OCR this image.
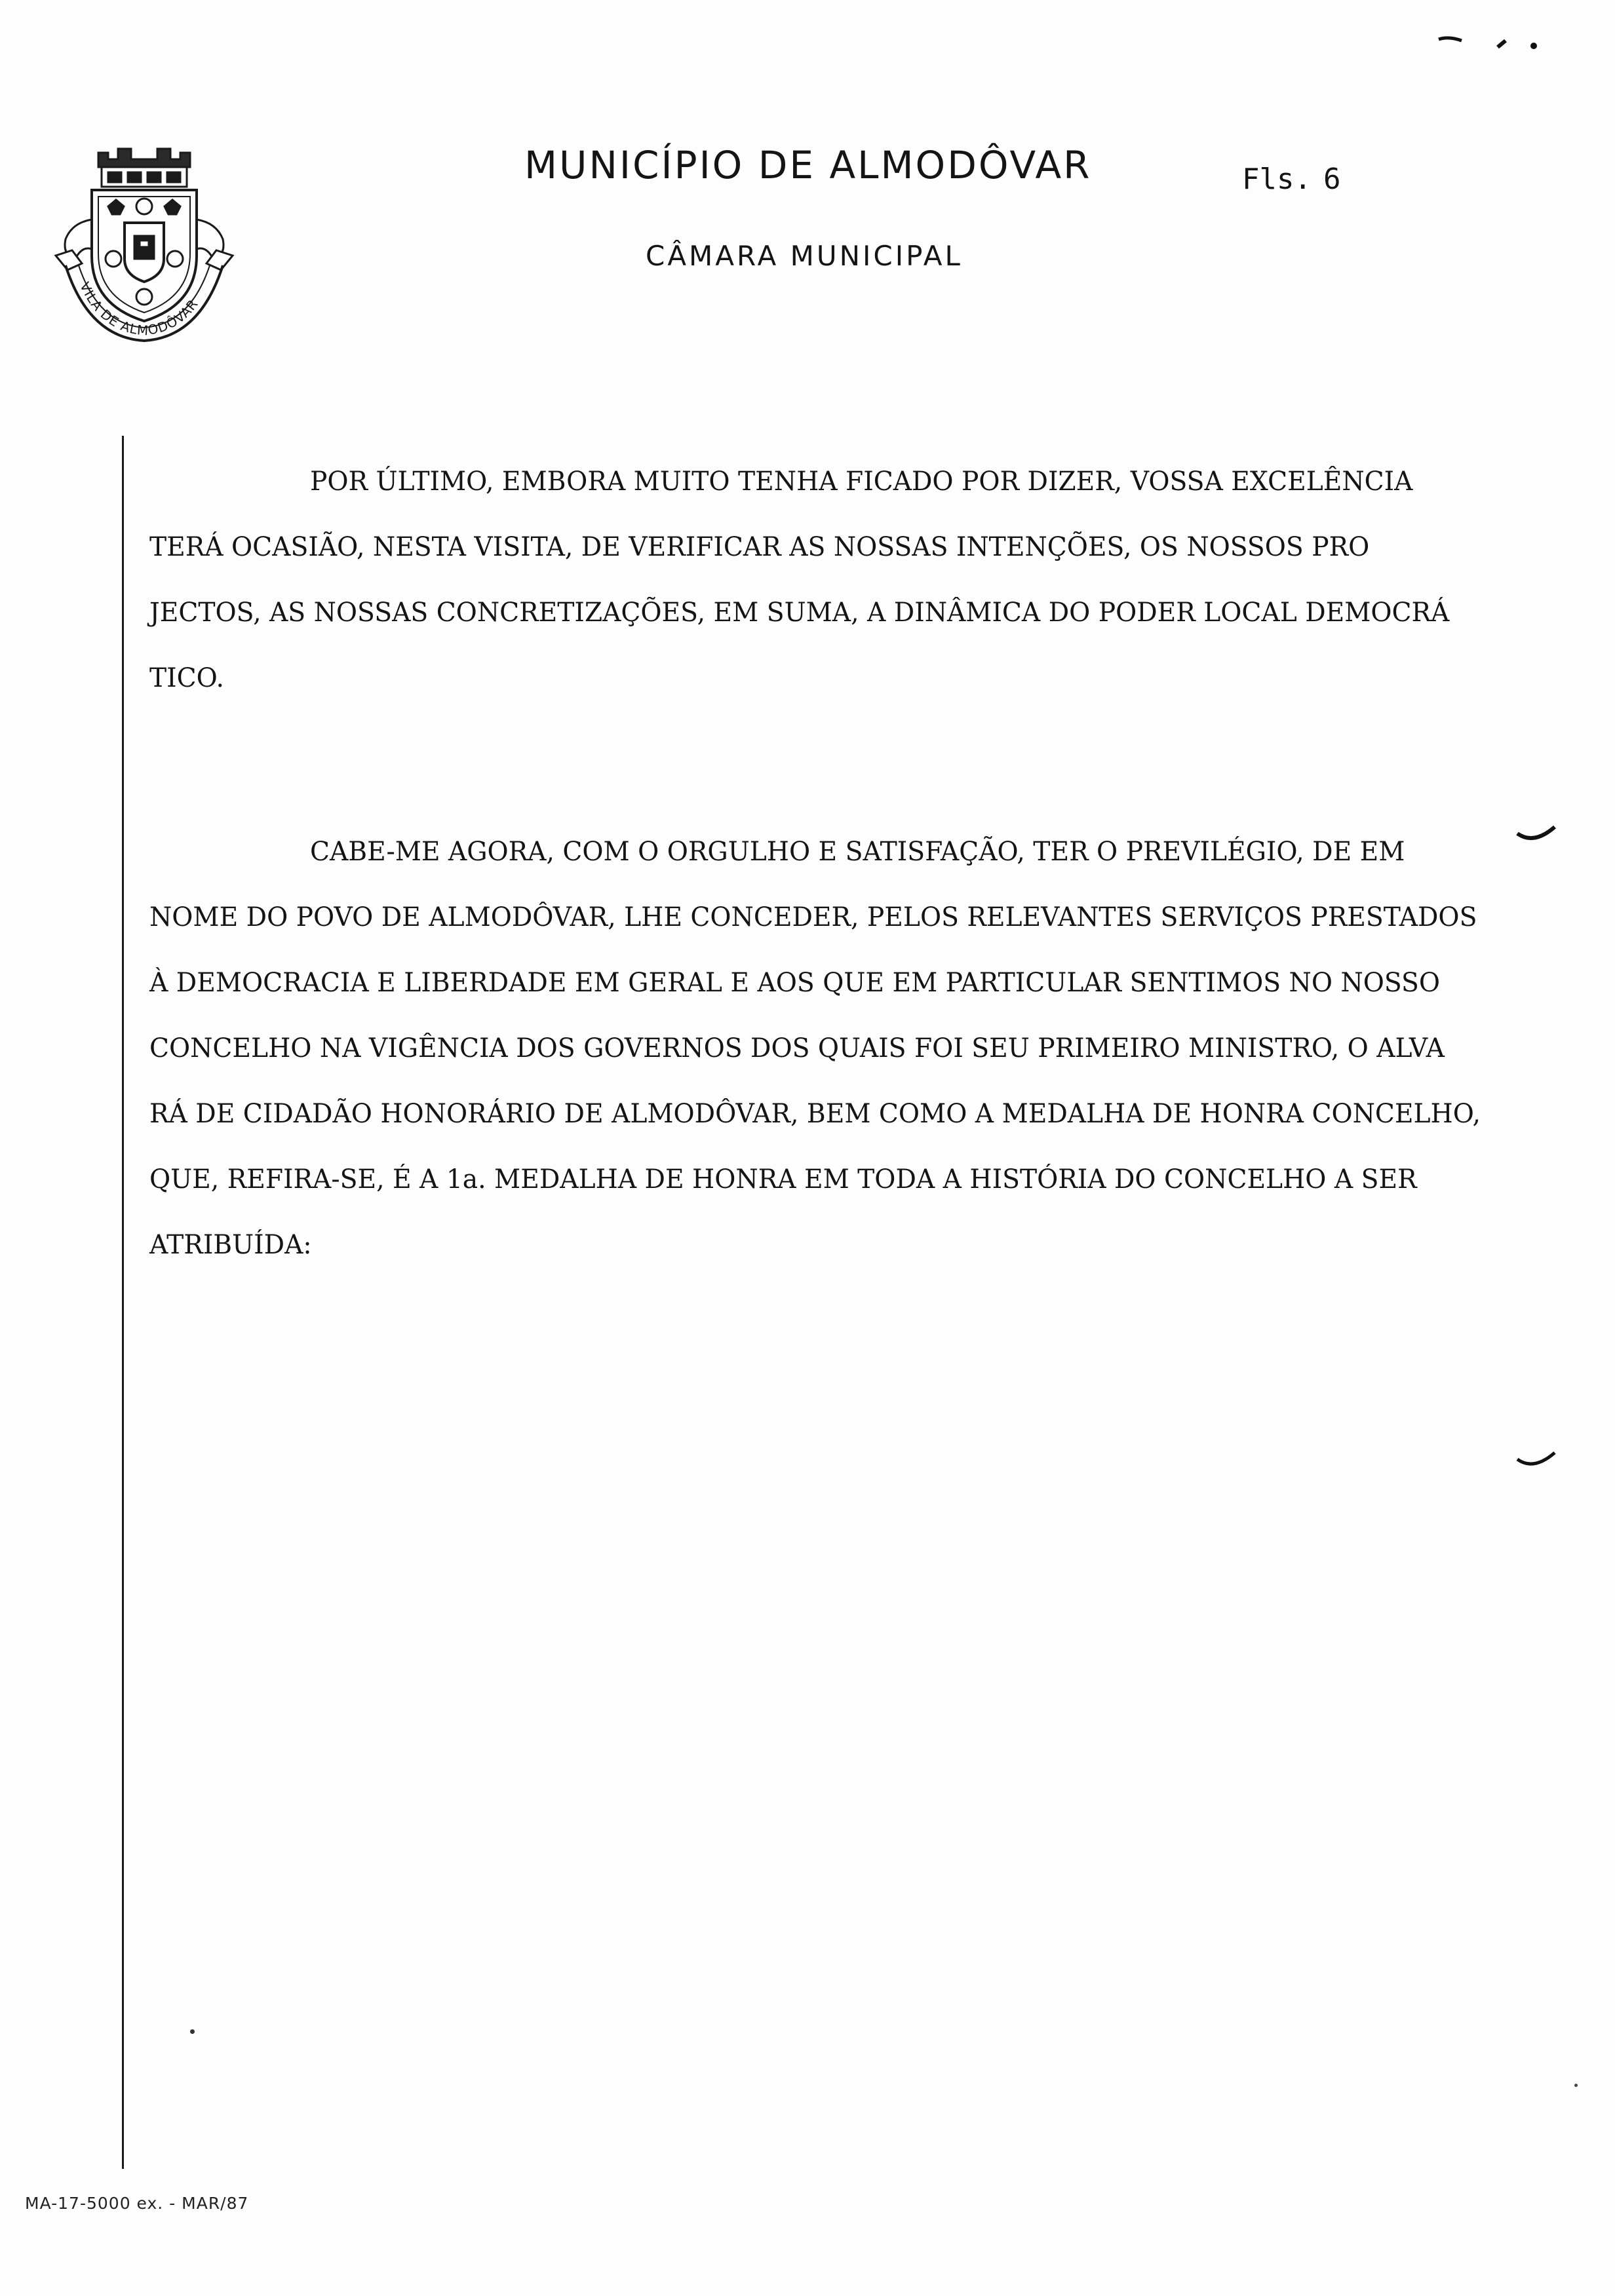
VILA DE ALMODÔVAR
MUNICÍPIO DE ALMODÔVAR
CÂMARA MUNICIPAL
Fls. 6
POR ÚLTIMO, EMBORA MUITO TENHA FICADO POR DIZER, VOSSA EXCELÊNCIA
TERÁ OCASIÃO, NESTA VISITA, DE VERIFICAR AS NOSSAS INTENÇÕES, OS NOSSOS PRO
JECTOS, AS NOSSAS CONCRETIZAÇÕES, EM SUMA, A DINÂMICA DO PODER LOCAL DEMOCRÁ
TICO.
CABE-ME AGORA, COM O ORGULHO E SATISFAÇÃO, TER O PREVILÉGIO, DE EM
NOME DO POVO DE ALMODÔVAR, LHE CONCEDER, PELOS RELEVANTES SERVIÇOS PRESTADOS
À DEMOCRACIA E LIBERDADE EM GERAL E AOS QUE EM PARTICULAR SENTIMOS NO NOSSO
CONCELHO NA VIGÊNCIA DOS GOVERNOS DOS QUAIS FOI SEU PRIMEIRO MINISTRO, O ALVA
RÁ DE CIDADÃO HONORÁRIO DE ALMODÔVAR, BEM COMO A MEDALHA DE HONRA CONCELHO,
QUE, REFIRA-SE, É A 1a. MEDALHA DE HONRA EM TODA A HISTÓRIA DO CONCELHO A SER
ATRIBUÍDA:
MA-17-5000 ex. - MAR/87
